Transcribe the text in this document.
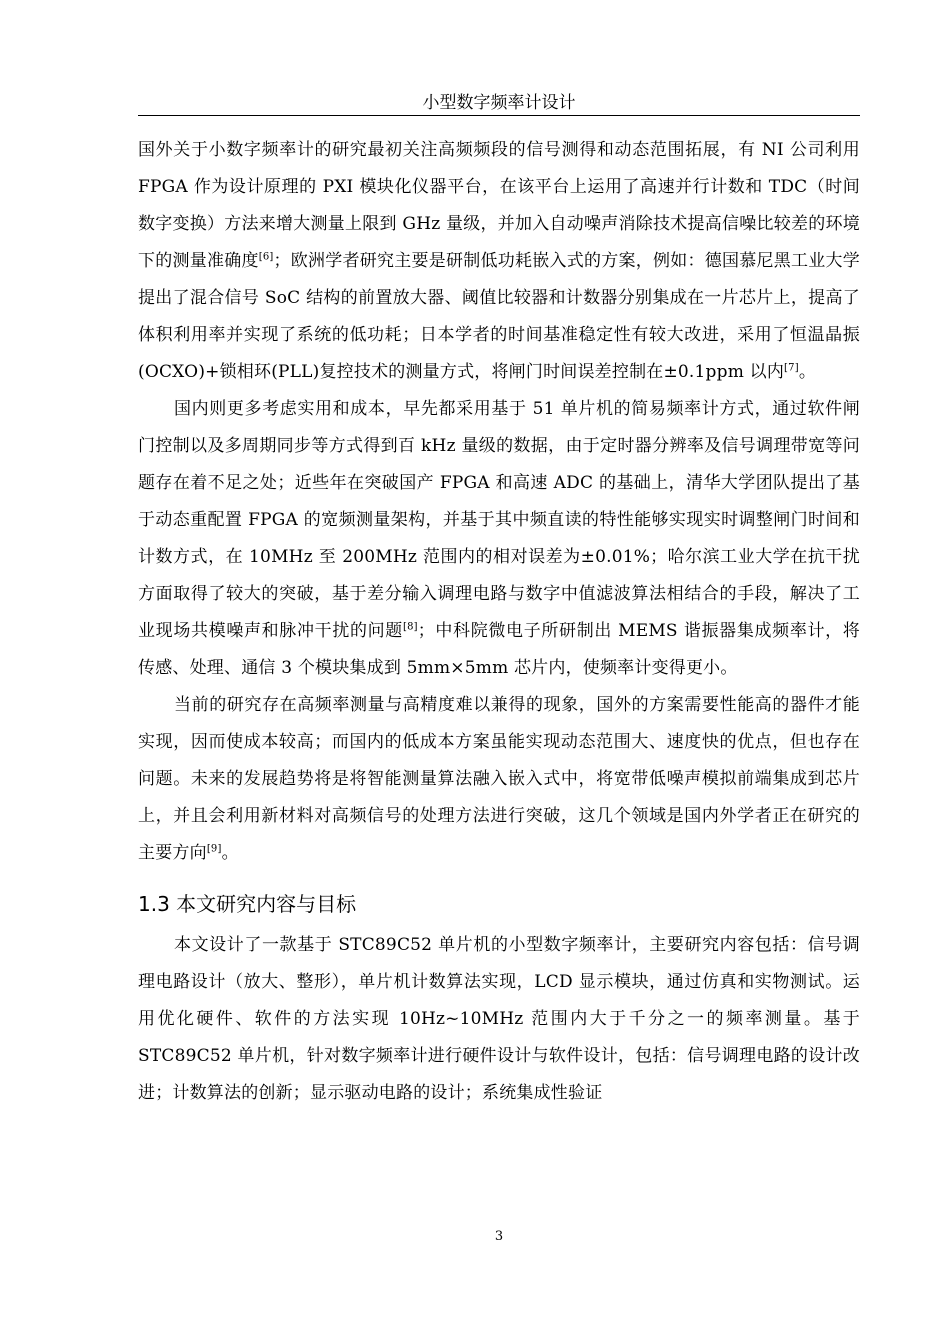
小型数字频率计设计

国外关于小数字频率计的研究最初关注高频频段的信号测得和动态范围拓展，有 NI 公司利用 FPGA 作为设计原理的 PXI 模块化仪器平台，在该平台上运用了高速并行计数和 TDC（时间数字变换）方法来增大测量上限到 GHz 量级，并加入自动噪声消除技术提高信噪比较差的环境下的测量准确度[6]；欧洲学者研究主要是研制低功耗嵌入式的方案，例如：德国慕尼黑工业大学提出了混合信号 SoC 结构的前置放大器、阈值比较器和计数器分别集成在一片芯片上，提高了体积利用率并实现了系统的低功耗；日本学者的时间基准稳定性有较大改进，采用了恒温晶振(OCXO)+锁相环(PLL)复控技术的测量方式，将闸门时间误差控制在±0.1ppm 以内[7]。

国内则更多考虑实用和成本，早先都采用基于 51 单片机的简易频率计方式，通过软件闸门控制以及多周期同步等方式得到百 kHz 量级的数据，由于定时器分辨率及信号调理带宽等问题存在着不足之处；近些年在突破国产 FPGA 和高速 ADC 的基础上，清华大学团队提出了基于动态重配置 FPGA 的宽频测量架构，并基于其中频直读的特性能够实现实时调整闸门时间和计数方式，在 10MHz 至 200MHz 范围内的相对误差为±0.01%；哈尔滨工业大学在抗干扰方面取得了较大的突破，基于差分输入调理电路与数字中值滤波算法相结合的手段，解决了工业现场共模噪声和脉冲干扰的问题[8]；中科院微电子所研制出 MEMS 谐振器集成频率计，将传感、处理、通信 3 个模块集成到 5mm×5mm 芯片内，使频率计变得更小。

当前的研究存在高频率测量与高精度难以兼得的现象，国外的方案需要性能高的器件才能实现，因而使成本较高；而国内的低成本方案虽能实现动态范围大、速度快的优点，但也存在问题。未来的发展趋势将是将智能测量算法融入嵌入式中，将宽带低噪声模拟前端集成到芯片上，并且会利用新材料对高频信号的处理方法进行突破，这几个领域是国内外学者正在研究的主要方向[9]。

1.3 本文研究内容与目标

本文设计了一款基于 STC89C52 单片机的小型数字频率计，主要研究内容包括：信号调理电路设计（放大、整形），单片机计数算法实现，LCD 显示模块，通过仿真和实物测试。运用优化硬件、软件的方法实现 10Hz~10MHz 范围内大于千分之一的频率测量。基于 STC89C52 单片机，针对数字频率计进行硬件设计与软件设计，包括：信号调理电路的设计改进；计数算法的创新；显示驱动电路的设计；系统集成性验证

3
